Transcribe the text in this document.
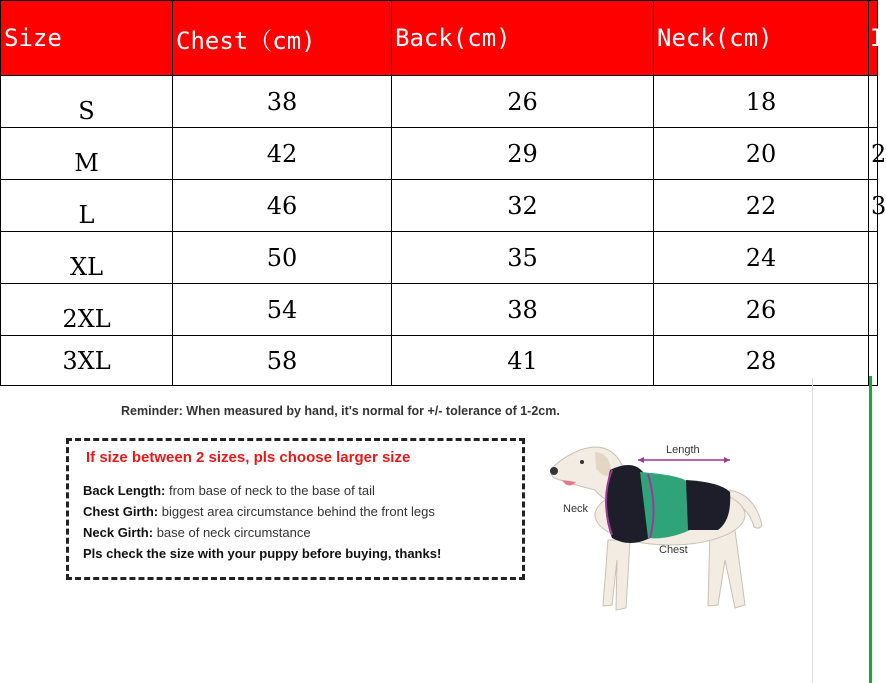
Size	Chest（cm)	Back(cm)	Neck(cm)	I
S	38	26	18	
M	42	29	20	2
L	46	32	22	3
XL	50	35	24	
2XL	54	38	26	
3XL	58	41	28	
Reminder: When measured by hand, it's normal for +/- tolerance of 1-2cm.
If size between 2 sizes, pls choose larger size
Back Length: from base of neck to the base of tail
Chest Girth: biggest area circumstance behind the front legs
Neck Girth: base of neck circumstance
Pls check the size with your puppy before buying, thanks!
Length
Neck
Chest
